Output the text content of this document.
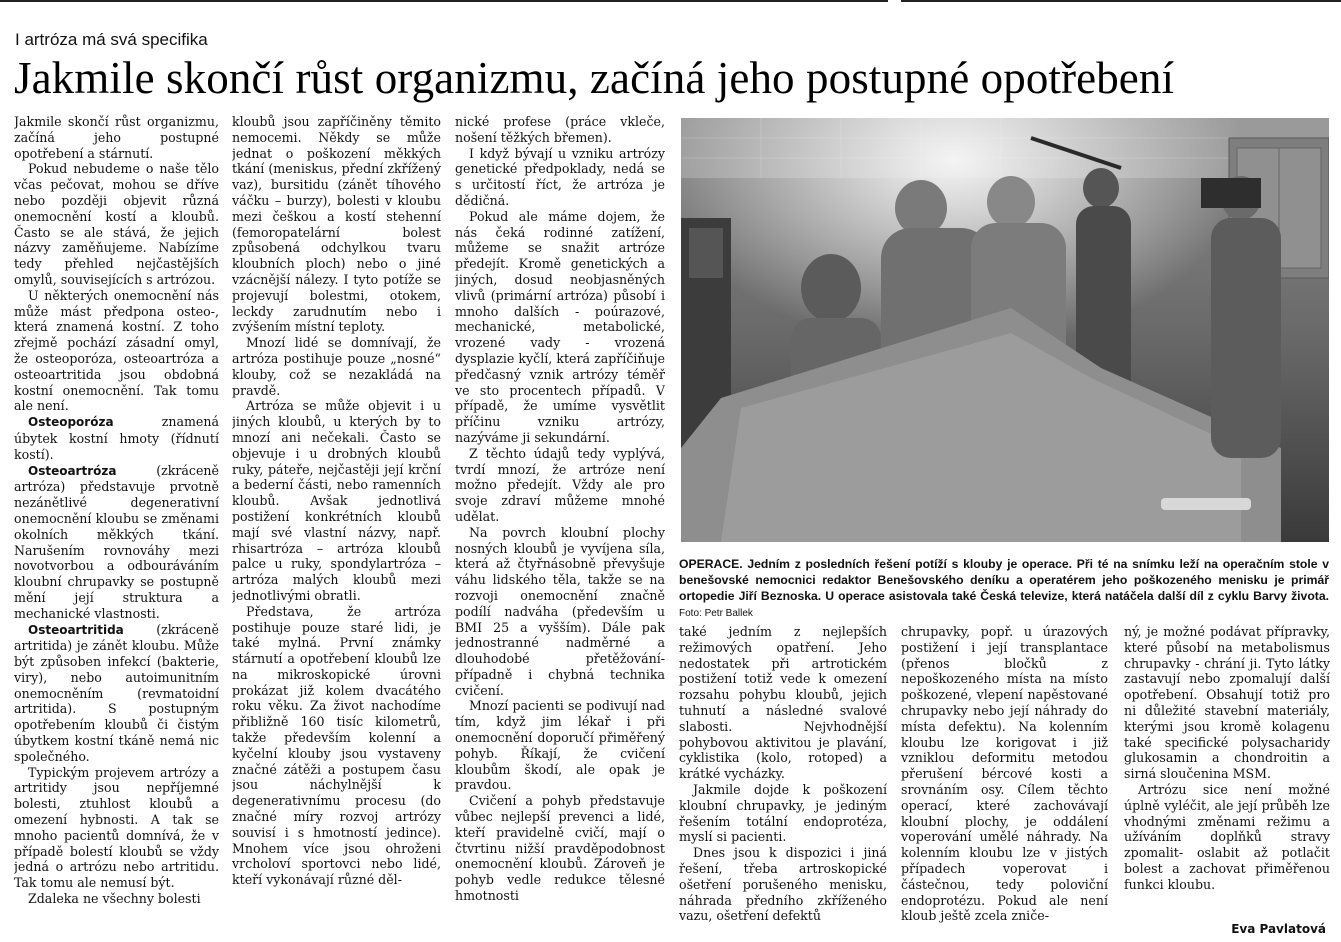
I artróza má svá specifika
Jakmile skončí růst organizmu, začíná jeho postupné opotřebení

Jakmile skončí růst organizmu, začíná jeho postupné opotřebení a stárnutí.

Pokud nebudeme o naše tělo včas pečovat, mohou se dříve nebo později objevit různá onemocnění kostí a kloubů. Často se ale stává, že jejich názvy zaměňujeme. Nabízíme tedy přehled nejčastějších omylů, souvisejících s artrózou.

U některých onemocnění nás může mást předpona osteo-, která znamená kostní. Z toho zřejmě pochází zásadní omyl, že osteoporóza, osteoartróza a osteoartritida jsou obdobná kostní onemocnění. Tak tomu ale není.

Osteoporóza znamená úbytek kostní hmoty (řídnutí kostí).

Osteoartróza (zkráceně artróza) představuje prvotně nezánětlivé degenerativní onemocnění kloubu se změnami okolních měkkých tkání. Narušením rovnováhy mezi novotvorbou a odbouráváním kloubní chrupavky se postupně mění její struktura a mechanické vlastnosti.

Osteoartritida (zkráceně artritida) je zánět kloubu. Může být způsoben infekcí (bakterie, viry), nebo autoimunitním onemocněním (revmatoidní artritida). S postupným opotřebením kloubů či čistým úbytkem kostní tkáně nemá nic společného.

Typickým projevem artrózy a artritidy jsou nepříjemné bolesti, ztuhlost kloubů a omezení hybnosti. A tak se mnoho pacientů domnívá, že v případě bolestí kloubů se vždy jedná o artrózu nebo artritidu. Tak tomu ale nemusí být.

Zdaleka ne všechny bolesti

kloubů jsou zapříčiněny těmito nemocemi. Někdy se může jednat o poškození měkkých tkání (meniskus, přední zkřížený vaz), bursitidu (zánět tíhového váčku – burzy), bolesti v kloubu mezi češkou a kostí stehenní (femoropatelární bolest způsobená odchylkou tvaru kloubních ploch) nebo o jiné vzácnější nálezy. I tyto potíže se projevují bolestmi, otokem, leckdy zarudnutím nebo i zvýšením místní teploty.

Mnozí lidé se domnívají, že artróza postihuje pouze „nosné“ klouby, což se nezakládá na pravdě.

Artróza se může objevit i u jiných kloubů, u kterých by to mnozí ani nečekali. Často se objevuje i u drobných kloubů ruky, páteře, nejčastěji její krční a bederní části, nebo ramenních kloubů. Avšak jednotlivá postižení konkrétních kloubů mají své vlastní názvy, např. rhisartróza – artróza kloubů palce u ruky, spondylartróza – artróza malých kloubů mezi jednotlivými obratli.

Představa, že artróza postihuje pouze staré lidi, je také mylná. První známky stárnutí a opotřebení kloubů lze na mikroskopické úrovni prokázat již kolem dvacátého roku věku. Za život nachodíme přibližně 160 tisíc kilometrů, takže především kolenní a kyčelní klouby jsou vystaveny značné zátěži a postupem času jsou náchylnější k degenerativnímu procesu (do značné míry rozvoj artrózy souvisí i s hmotností jedince). Mnohem více jsou ohroženi vrcholoví sportovci nebo lidé, kteří vykonávají různé děl-

nické profese (práce vkleče, nošení těžkých břemen).

I když bývají u vzniku artrózy genetické předpoklady, nedá se s určitostí říct, že artróza je dědičná.

Pokud ale máme dojem, že nás čeká rodinné zatížení, můžeme se snažit artróze předejít. Kromě genetických a jiných, dosud neobjasněných vlivů (primární artróza) působí i mnoho dalších - poúrazové, mechanické, metabolické, vrozené vady - vrozená dysplazie kyčlí, která zapříčiňuje předčasný vznik artrózy téměř ve sto procentech případů. V případě, že umíme vysvětlit příčinu vzniku artrózy, nazýváme ji sekundární.

Z těchto údajů tedy vyplývá, tvrdí mnozí, že artróze není možno předejít. Vždy ale pro svoje zdraví můžeme mnohé udělat.

Na povrch kloubní plochy nosných kloubů je vyvíjena síla, která až čtyřnásobně převyšuje váhu lidského těla, takže se na rozvoji onemocnění značně podílí nadváha (především u BMI 25 a vyšším). Dále pak jednostranné nadměrné a dlouhodobé přetěžování- případně i chybná technika cvičení.

Mnozí pacienti se podivují nad tím, když jim lékař i při onemocnění doporučí přiměřený pohyb. Říkají, že cvičení kloubům škodí, ale opak je pravdou.

Cvičení a pohyb představuje vůbec nejlepší prevenci a lidé, kteří pravidelně cvičí, mají o čtvrtinu nižší pravděpodobnost onemocnění kloubů. Zároveň je pohyb vedle redukce tělesné hmotnosti

OPERACE. Jedním z posledních řešení potíží s klouby je operace. Při té na snímku leží na operačním stole v benešovské nemocnici redaktor Benešovského deníku a operatérem jeho poškozeného menisku je primář ortopedie Jiří Beznoska. U operace asistovala také Česká televize, která natáčela další díl z cyklu Barvy života. Foto: Petr Ballek

také jedním z nejlepších režimových opatření. Jeho nedostatek při artrotickém postižení totiž vede k omezení rozsahu pohybu kloubů, jejich tuhnutí a následné svalové slabosti. Nejvhodnější pohybovou aktivitou je plavání, cyklistika (kolo, rotoped) a krátké vycházky.

Jakmile dojde k poškození kloubní chrupavky, je jediným řešením totální endoprotéza, myslí si pacienti.

Dnes jsou k dispozici i jiná řešení, třeba artroskopické ošetření porušeného menisku, náhrada předního zkříženého vazu, ošetření defektů

chrupavky, popř. u úrazových postižení i její transplantace (přenos bločků z nepoškozeného místa na místo poškozené, vlepení napěstované chrupavky nebo její náhrady do místa defektu). Na kolenním kloubu lze korigovat i již vzniklou deformitu metodou přerušení bércové kosti a srovnáním osy. Cílem těchto operací, které zachovávají kloubní plochy, je oddálení voperování umělé náhrady. Na kolenním kloubu lze v jistých případech voperovat i částečnou, tedy poloviční endoprotézu. Pokud ale není kloub ještě zcela zniče-

ný, je možné podávat přípravky, které působí na metabolismus chrupavky - chrání ji. Tyto látky zastavují nebo zpomalují další opotřebení. Obsahují totiž pro ni důležité stavební materiály, kterými jsou kromě kolagenu také specifické polysacharidy glukosamin a chondroitin a sirná sloučenina MSM.

Artrózu sice není možné úplně vyléčit, ale její průběh lze vhodnými změnami režimu a užíváním doplňků stravy zpomalit- oslabit až potlačit bolest a zachovat přiměřenou funkci kloubu.

Eva Pavlatová
